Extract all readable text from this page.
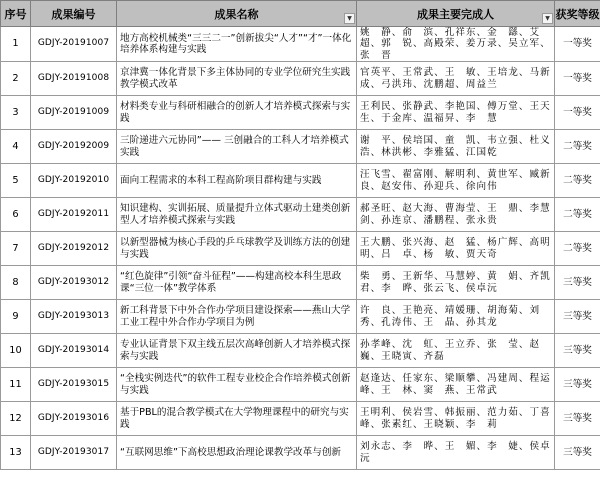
序号	成果编号	成果名称 ▼	成果主要完成人 ▼	获奖等级
1	GDJY-20191007	地方高校机械类“三三二一”创新拔尖“人才”“才”一体化培养体系构建与实践	姚　静、俞　滨、孔祥东、金　繇、艾　超、郭　锐、高殿荣、姜万录、吴立军、张　晋	一等奖
2	GDJY-20191008	京津冀一体化背景下多主体协同的专业学位研究生实践教学模式改革	官英平、王常武、王　敏、王培龙、马新成、弓洪玮、沈鹏超、周益兰	一等奖
3	GDJY-20191009	材料类专业与科研相融合的创新人才培养模式探索与实践	王利民、张静武、李艳国、傅万堂、王天生、于金库、温福昇、李　慧	一等奖
4	GDJY-20192009	三阶递进六元协同”—— 三创融合的工科人才培养模式实践	谢　平、侯培国、童　凯、韦立强、杜义浩、林洪彬、李雅猛、江国乾	二等奖
5	GDJY-20192010	面向工程需求的本科工程高阶项目群构建与实践	汪飞雪、翟富刚、解明利、黄世军、臧新良、赵安伟、孙迎兵、徐向伟	二等奖
6	GDJY-20192011	知识建构、实训拓展、质量提升立体式驱动土建类创新型人才培养模式探索与实践	郝圣旺、赵大海、曹海莹、王　鼎、李慧剑、孙连京、潘鹏程、张永贵	二等奖
7	GDJY-20192012	以新型器械为核心手段的乒乓球教学及训练方法的创建与实践	王大鹏、张兴海、赵　猛、杨广辉、高明明、吕　卓、杨　敏、贾天奇	二等奖
8	GDJY-20193012	“红色旋律”引领“奋斗征程”——构建高校本科生思政课“三位一体”教学体系	柴　勇、王新华、马慧婷、黄　娟、齐凯君、李　晔、张云飞、侯卓沅	三等奖
9	GDJY-20193013	新工科背景下中外合作办学项目建设探索——燕山大学工业工程中外合作办学项目为例	许　良、王艳亮、靖媛珊、胡海菊、刘　秀、孔涛伟、王　晶、孙其龙	三等奖
10	GDJY-20193014	专业认证背景下双主线五层次高峰创新人才培养模式探索与实践	孙孝峰、沈　虹、王立乔、张　莹、赵巍、王晓寅、齐磊	三等奖
11	GDJY-20193015	“全栈实例迭代”的软件工程专业校企合作培养模式创新与实践	赵逢达、任家东、梁顺攀、冯建周、程运峰、王　林、窦　燕、王常武	三等奖
12	GDJY-20193016	基于PBL的混合教学模式在大学物理课程中的研究与实践	王明利、侯岩雪、韩振丽、范力茹、丁喜峰、张素红、王晓颖、李　莉	三等奖
13	GDJY-20193017	“互联网思维”下高校思想政治理论课教学改革与创新	刘永志、李　晔、王　媚、李　婕、侯卓沅	三等奖
